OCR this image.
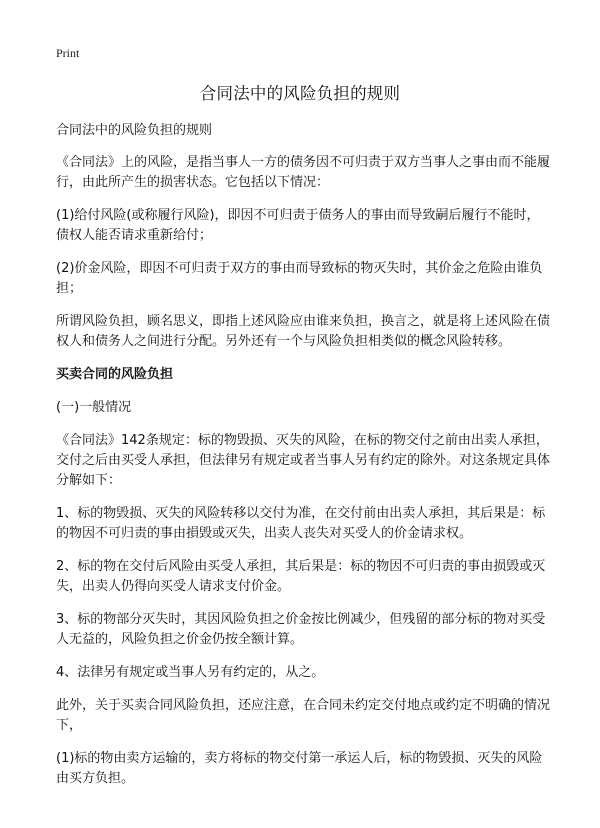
Print
合同法中的风险负担的规则

合同法中的风险负担的规则

《合同法》上的风险，是指当事人一方的债务因不可归责于双方当事人之事由而不能履行，由此所产生的损害状态。它包括以下情况：

(1)给付风险(或称履行风险)，即因不可归责于债务人的事由而导致嗣后履行不能时，债权人能否请求重新给付；

(2)价金风险，即因不可归责于双方的事由而导致标的物灭失时，其价金之危险由谁负担；

所谓风险负担，顾名思义，即指上述风险应由谁来负担，换言之，就是将上述风险在债权人和债务人之间进行分配。另外还有一个与风险负担相类似的概念风险转移。

买卖合同的风险负担

(一)一般情况

《合同法》142条规定：标的物毁损、灭失的风险，在标的物交付之前由出卖人承担，交付之后由买受人承担，但法律另有规定或者当事人另有约定的除外。对这条规定具体分解如下：

1、标的物毁损、灭失的风险转移以交付为准，在交付前由出卖人承担，其后果是：标的物因不可归责的事由損毁或灭失，出卖人丧失对买受人的价金请求权。

2、标的物在交付后风险由买受人承担，其后果是：标的物因不可归责的事由损毁或灭失，出卖人仍得向买受人请求支付价金。

3、标的物部分灭失时，其因风险负担之价金按比例减少，但残留的部分标的物对买受人无益的，风险负担之价金仍按全额计算。

4、法律另有规定或当事人另有约定的，从之。

此外，关于买卖合同风险负担，还应注意，在合同未约定交付地点或约定不明确的情况下，

(1)标的物由卖方运输的，卖方将标的物交付第一承运人后，标的物毁损、灭失的风险由买方负担。
